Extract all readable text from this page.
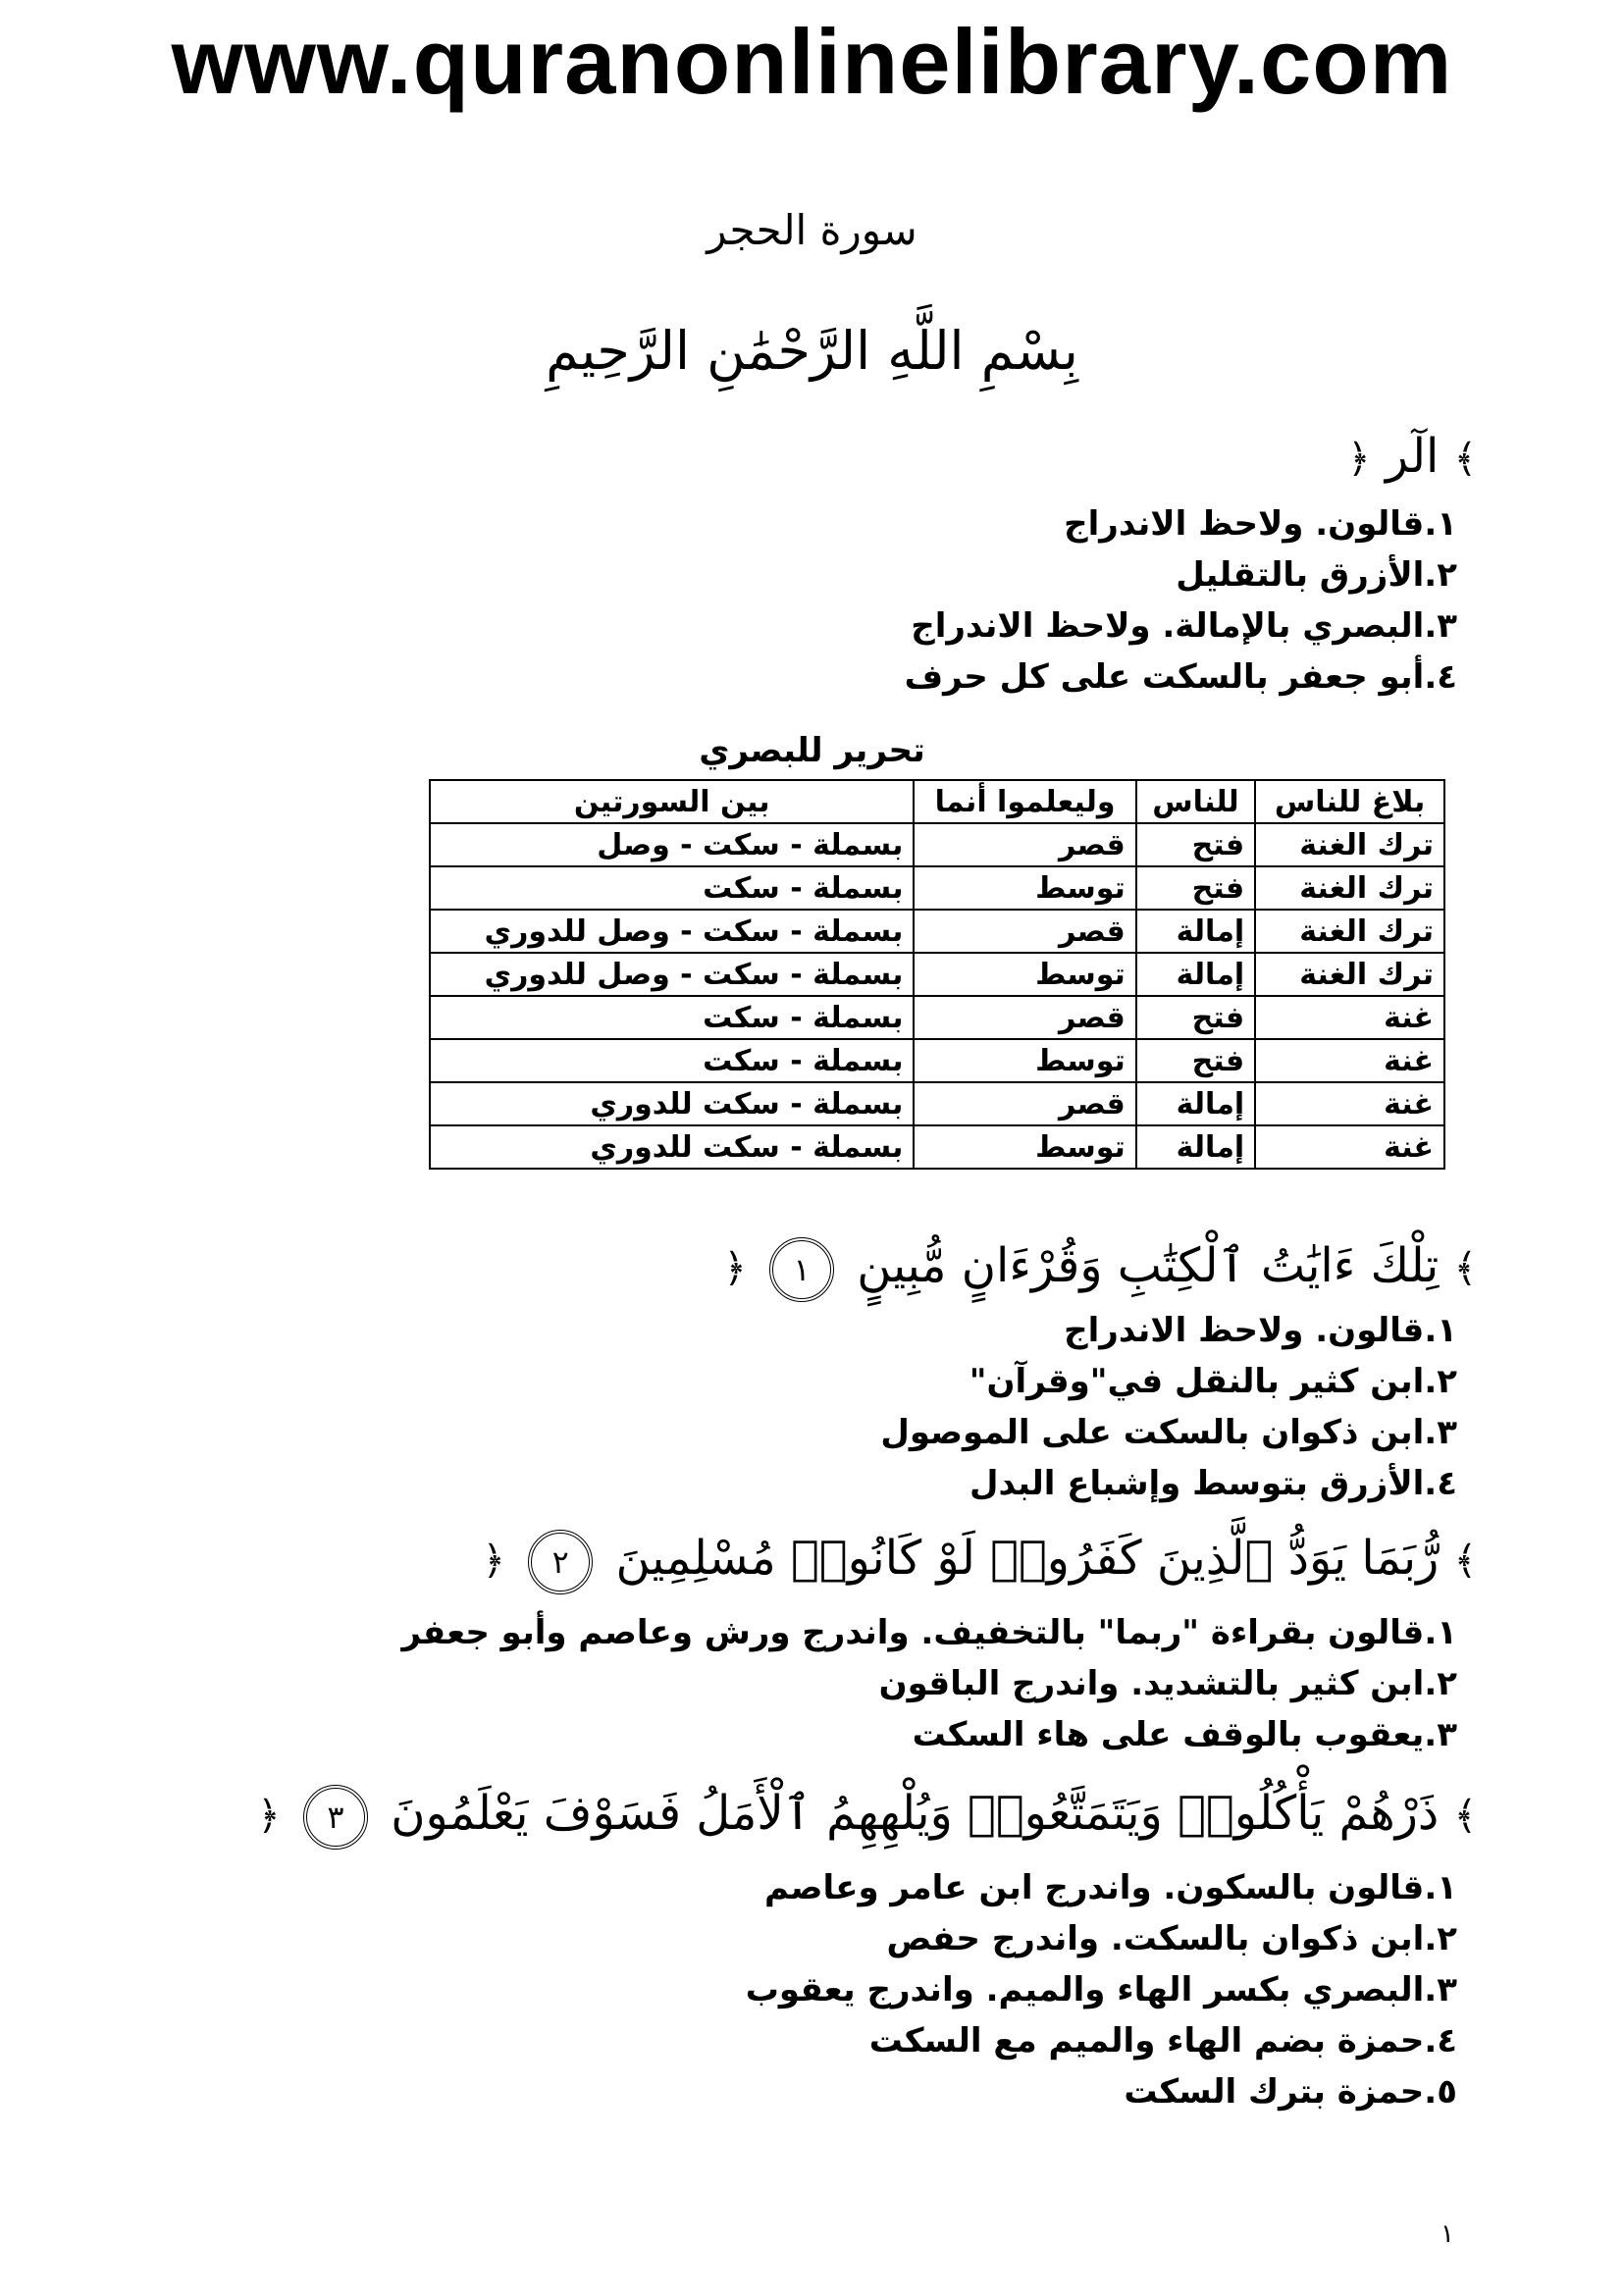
www.quranonlinelibrary.com
سورة الحجر
بِسْمِ اللَّهِ الرَّحْمَٰنِ الرَّحِيمِ
﴾ الٓر ﴿
١.قالون. ولاحظ الاندراج
٢.الأزرق بالتقليل
٣.البصري بالإمالة. ولاحظ الاندراج
٤.أبو جعفر بالسكت على كل حرف
تحرير للبصري
بلاغ للناس	للناس	وليعلموا أنما	بين السورتين
ترك الغنة	فتح	قصر	بسملة - سكت - وصل
ترك الغنة	فتح	توسط	بسملة - سكت
ترك الغنة	إمالة	قصر	بسملة - سكت - وصل للدوري
ترك الغنة	إمالة	توسط	بسملة - سكت - وصل للدوري
غنة	فتح	قصر	بسملة - سكت
غنة	فتح	توسط	بسملة - سكت
غنة	إمالة	قصر	بسملة - سكت للدوري
غنة	إمالة	توسط	بسملة - سكت للدوري
﴾ تِلْكَ ءَايَٰتُ ٱلْكِتَٰبِ وَقُرْءَانٍ مُّبِينٍ ١ ﴿
١.قالون. ولاحظ الاندراج
٢.ابن كثير بالنقل في"وقرآن"
٣.ابن ذكوان بالسكت على الموصول
٤.الأزرق بتوسط وإشباع البدل
﴾ رُّبَمَا يَوَدُّ ٱلَّذِينَ كَفَرُوا۟ لَوْ كَانُوا۟ مُسْلِمِينَ ٢ ﴿
١.قالون بقراءة "ربما" بالتخفيف. واندرج ورش وعاصم وأبو جعفر
٢.ابن كثير بالتشديد. واندرج الباقون
٣.يعقوب بالوقف على هاء السكت
﴾ ذَرْهُمْ يَأْكُلُوا۟ وَيَتَمَتَّعُوا۟ وَيُلْهِهِمُ ٱلْأَمَلُ فَسَوْفَ يَعْلَمُونَ ٣ ﴿
١.قالون بالسكون. واندرج ابن عامر وعاصم
٢.ابن ذكوان بالسكت. واندرج حفص
٣.البصري بكسر الهاء والميم. واندرج يعقوب
٤.حمزة بضم الهاء والميم مع السكت
٥.حمزة بترك السكت
١
